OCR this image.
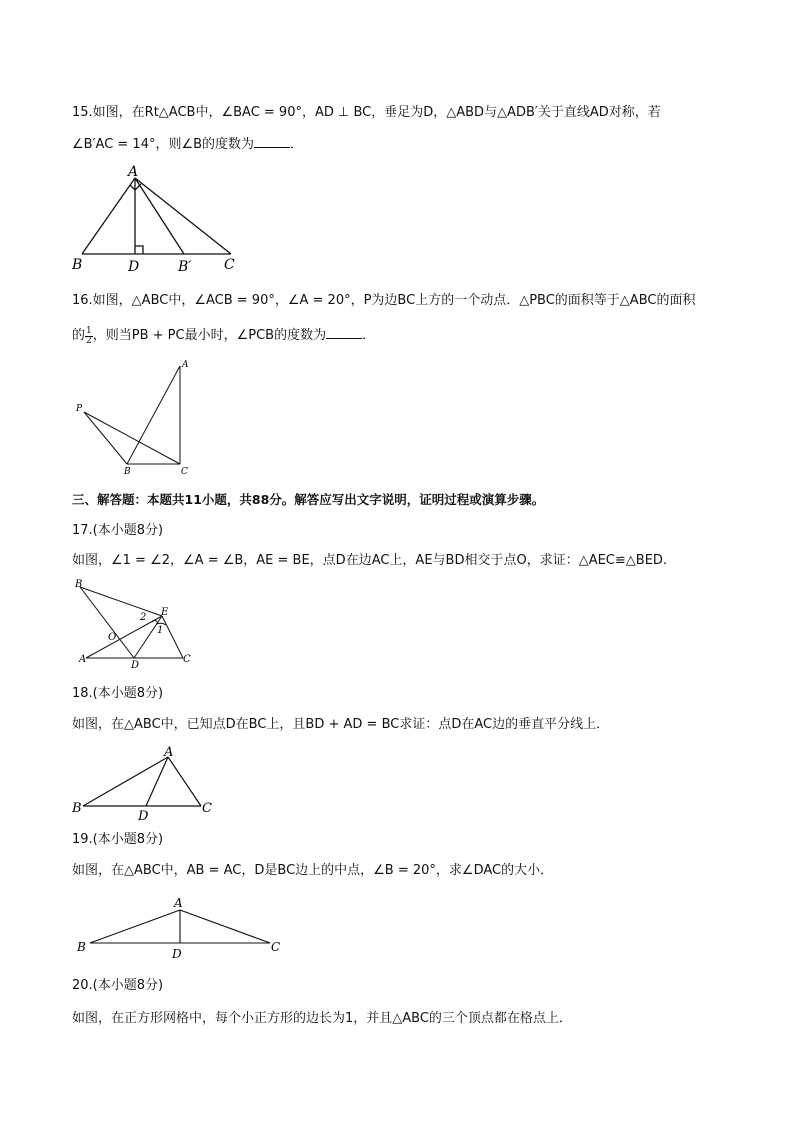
15.如图，在Rt△ACB中，∠BAC = 90°，AD ⊥ BC，垂足为D，△ABD与△ADB′关于直线AD对称，若
∠B′AC = 14°，则∠B的度数为	．
A
B	D	B′ C
16.如图，△ABC中，∠ACB = 90°，∠A = 20°，P为边BC上方的一个动点．△PBC的面积等于△ABC的面积
的 $\frac{1}{2}$ ，则当PB + PC最小时，∠PCB的度数为	．
A
P
B	C
三、解答题：本题共11小题，共88分。解答应写出文字说明，证明过程或演算步骤。
17.(本小题8分)
如图，∠1 = ∠2，∠A = ∠B，AE = BE，点D在边AC上，AE与BD相交于点O，求证：△AEC≌△BED.
B
E
2
1
O
A
D
C
18.(本小题8分)
如图，在△ABC中，已知点D在BC上，且BD + AD = BC求证：点D在AC边的垂直平分线上．
A
B
D
C
19.(本小题8分)
如图，在△ABC中，AB = AC，D是BC边上的中点，∠B = 20°，求∠DAC的大小．
A
B	D	C
20.(本小题8分)
如图，在正方形网格中，每个小正方形的边长为1，并且△ABC的三个顶点都在格点上．
